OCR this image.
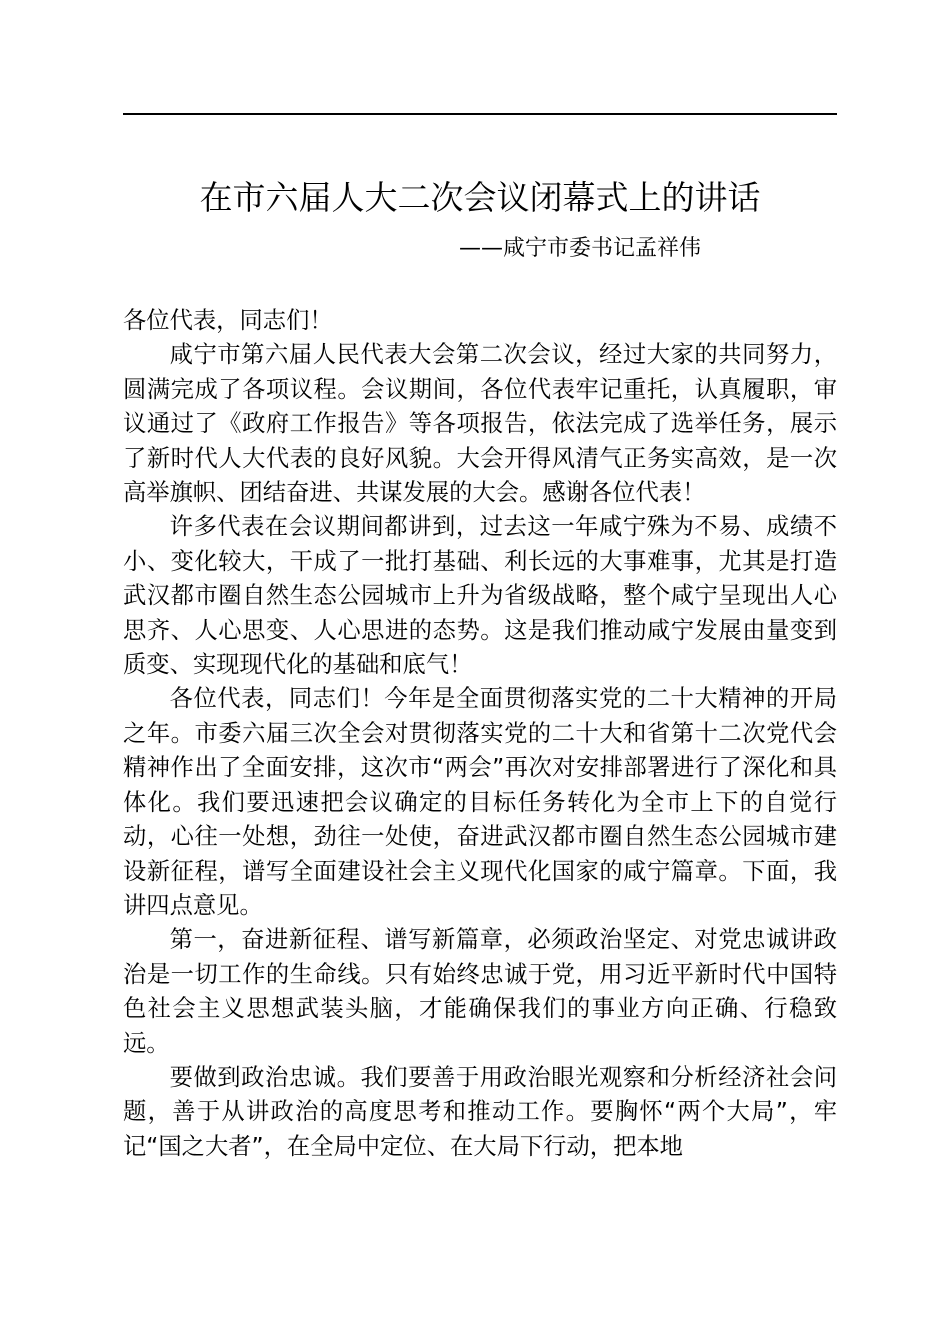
在市六届人大二次会议闭幕式上的讲话
——咸宁市委书记孟祥伟

各位代表，同志们！

咸宁市第六届人民代表大会第二次会议，经过大家的共同努力，圆满完成了各项议程。会议期间，各位代表牢记重托，认真履职，审议通过了《政府工作报告》等各项报告，依法完成了选举任务，展示了新时代人大代表的良好风貌。大会开得风清气正务实高效，是一次高举旗帜、团结奋进、共谋发展的大会。感谢各位代表！

许多代表在会议期间都讲到，过去这一年咸宁殊为不易、成绩不小、变化较大，干成了一批打基础、利长远的大事难事，尤其是打造武汉都市圈自然生态公园城市上升为省级战略，整个咸宁呈现出人心思齐、人心思变、人心思进的态势。这是我们推动咸宁发展由量变到质变、实现现代化的基础和底气！

各位代表，同志们！今年是全面贯彻落实党的二十大精神的开局之年。市委六届三次全会对贯彻落实党的二十大和省第十二次党代会精神作出了全面安排，这次市“两会”再次对安排部署进行了深化和具体化。我们要迅速把会议确定的目标任务转化为全市上下的自觉行动，心往一处想，劲往一处使，奋进武汉都市圈自然生态公园城市建设新征程，谱写全面建设社会主义现代化国家的咸宁篇章。下面，我讲四点意见。

第一，奋进新征程、谱写新篇章，必须政治坚定、对党忠诚讲政治是一切工作的生命线。只有始终忠诚于党，用习近平新时代中国特色社会主义思想武装头脑，才能确保我们的事业方向正确、行稳致远。

要做到政治忠诚。我们要善于用政治眼光观察和分析经济社会问题，善于从讲政治的高度思考和推动工作。要胸怀“两个大局”，牢记“国之大者”，在全局中定位、在大局下行动，把本地
